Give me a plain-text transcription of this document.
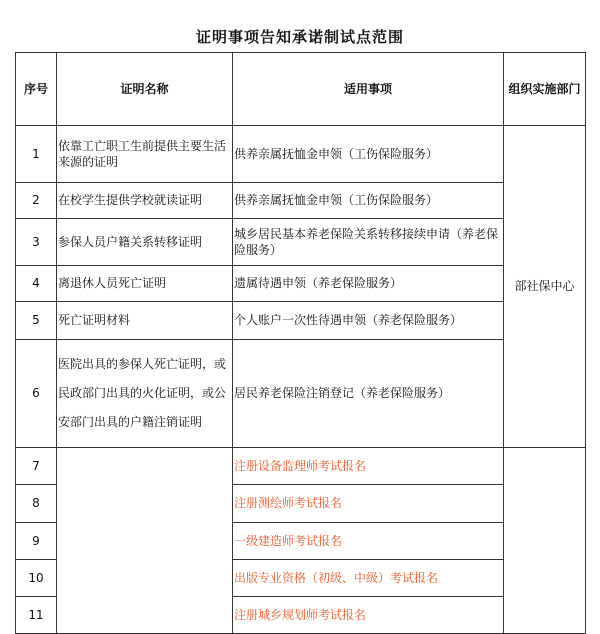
证明事项告知承诺制试点范围
序号	证明名称	适用事项	组织实施部门
1	依靠工亡职工生前提供主要生活来源的证明	供养亲属抚恤金申领（工伤保险服务）	部社保中心
2	在校学生提供学校就读证明	供养亲属抚恤金申领（工伤保险服务）	
3	参保人员户籍关系转移证明	城乡居民基本养老保险关系转移接续申请（养老保险服务）	
4	离退休人员死亡证明	遗属待遇申领（养老保险服务）	
5	死亡证明材料	个人账户一次性待遇申领（养老保险服务）	
6	医院出具的参保人死亡证明，或民政部门出具的火化证明，或公安部门出具的户籍注销证明	居民养老保险注销登记（养老保险服务）	
7		注册设备监理师考试报名	
8		注册测绘师考试报名	
9		一级建造师考试报名	
10		出版专业资格（初级、中级）考试报名	
11		注册城乡规划师考试报名	
